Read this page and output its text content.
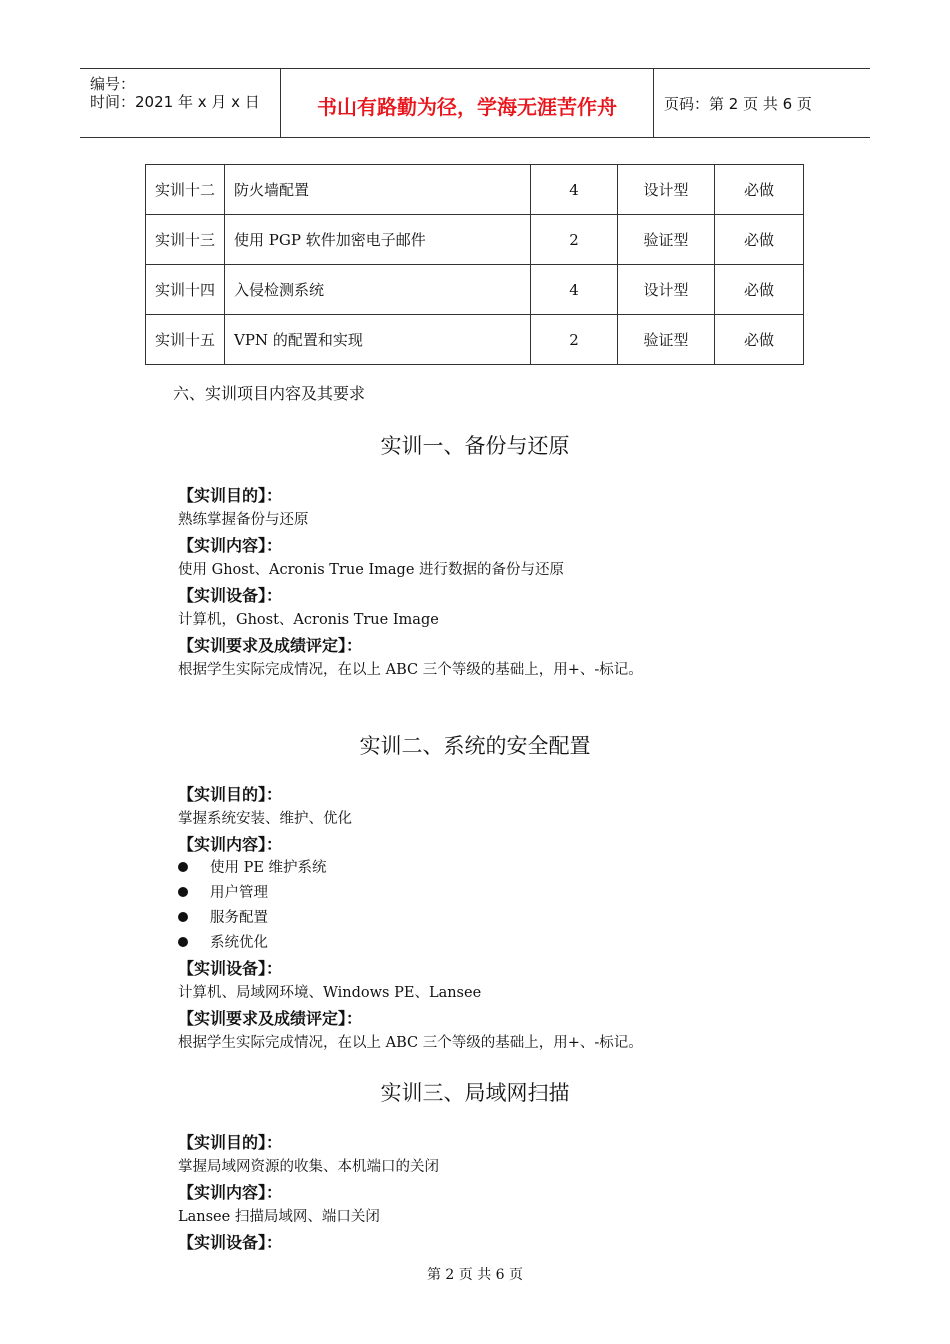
编号：
时间：2021 年 x 月 x 日	书山有路勤为径，学海无涯苦作舟	页码：第 2 页 共 6 页
实训十二	防火墙配置	4	设计型	必做
实训十三	使用 PGP 软件加密电子邮件	2	验证型	必做
实训十四	入侵检测系统	4	设计型	必做
实训十五	VPN 的配置和实现	2	验证型	必做
六、实训项目内容及其要求
实训一、备份与还原
【实训目的】：
熟练掌握备份与还原
【实训内容】：
使用 Ghost、Acronis True Image 进行数据的备份与还原
【实训设备】：
计算机，Ghost、Acronis True Image
【实训要求及成绩评定】：
根据学生实际完成情况，在以上 ABC 三个等级的基础上，用+、-标记。
实训二、系统的安全配置
【实训目的】：
掌握系统安装、维护、优化
【实训内容】：
使用 PE 维护系统
用户管理
服务配置
系统优化
【实训设备】：
计算机、局域网环境、Windows PE、Lansee
【实训要求及成绩评定】：
根据学生实际完成情况，在以上 ABC 三个等级的基础上，用+、-标记。
实训三、局域网扫描
【实训目的】：
掌握局域网资源的收集、本机端口的关闭
【实训内容】：
Lansee 扫描局域网、端口关闭
【实训设备】：
第 2 页 共 6 页
